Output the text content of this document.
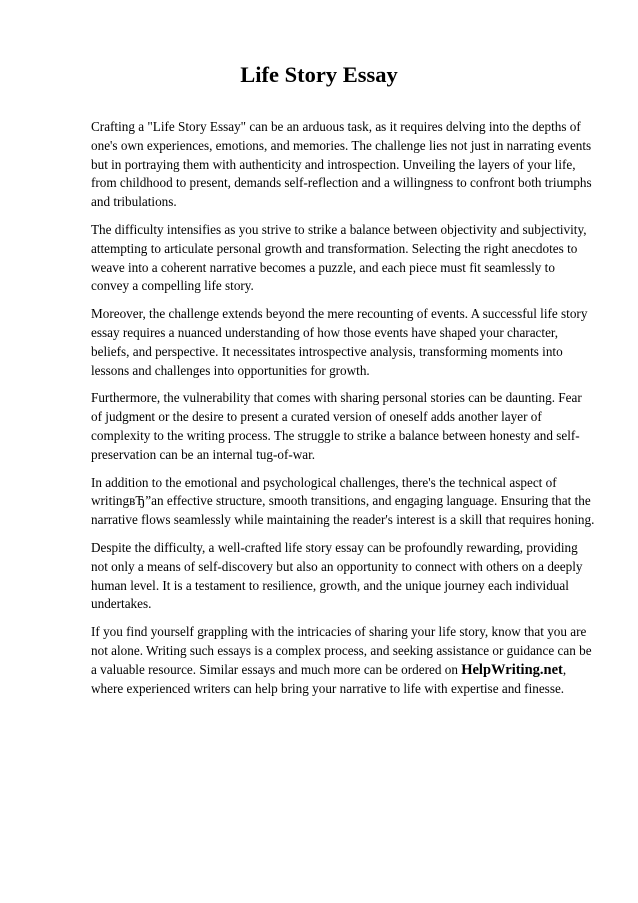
Life Story Essay

Crafting a "Life Story Essay" can be an arduous task, as it requires delving into the depths of one's own experiences, emotions, and memories. The challenge lies not just in narrating events but in portraying them with authenticity and introspection. Unveiling the layers of your life, from childhood to present, demands self-reflection and a willingness to confront both triumphs and tribulations.

The difficulty intensifies as you strive to strike a balance between objectivity and subjectivity, attempting to articulate personal growth and transformation. Selecting the right anecdotes to weave into a coherent narrative becomes a puzzle, and each piece must fit seamlessly to convey a compelling life story.

Moreover, the challenge extends beyond the mere recounting of events. A successful life story essay requires a nuanced understanding of how those events have shaped your character, beliefs, and perspective. It necessitates introspective analysis, transforming moments into lessons and challenges into opportunities for growth.

Furthermore, the vulnerability that comes with sharing personal stories can be daunting. Fear of judgment or the desire to present a curated version of oneself adds another layer of complexity to the writing process. The struggle to strike a balance between honesty and self-preservation can be an internal tug-of-war.

In addition to the emotional and psychological challenges, there's the technical aspect of writingвЂ”an effective structure, smooth transitions, and engaging language. Ensuring that the narrative flows seamlessly while maintaining the reader's interest is a skill that requires honing.

Despite the difficulty, a well-crafted life story essay can be profoundly rewarding, providing not only a means of self-discovery but also an opportunity to connect with others on a deeply human level. It is a testament to resilience, growth, and the unique journey each individual undertakes.

If you find yourself grappling with the intricacies of sharing your life story, know that you are not alone. Writing such essays is a complex process, and seeking assistance or guidance can be a valuable resource. Similar essays and much more can be ordered on HelpWriting.net, where experienced writers can help bring your narrative to life with expertise and finesse.
